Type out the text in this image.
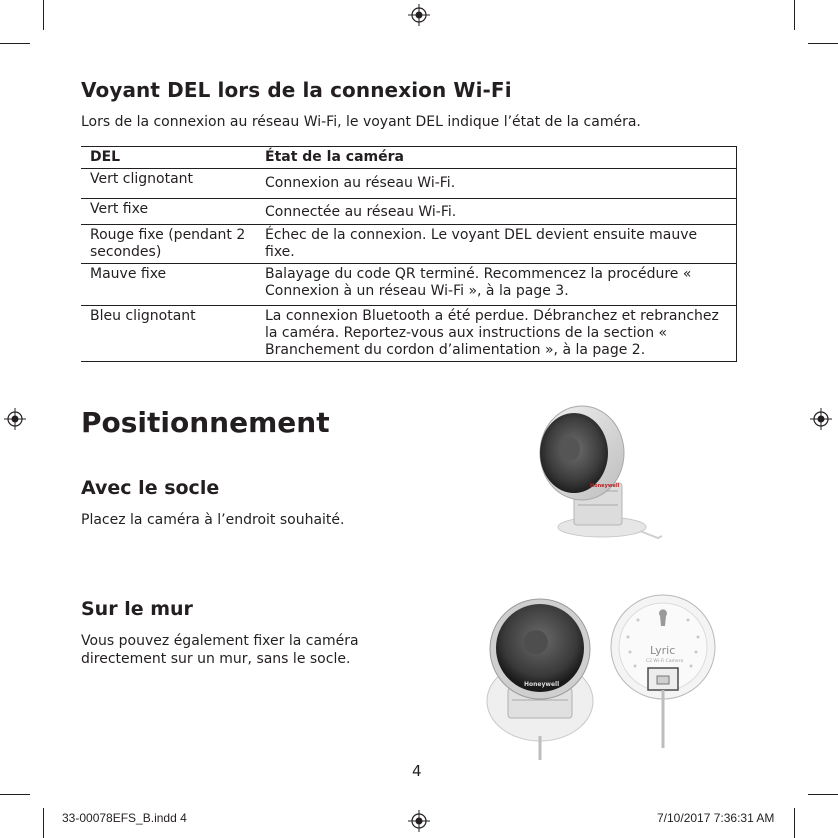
Voyant DEL lors de la connexion Wi-Fi

Lors de la connexion au réseau Wi-Fi, le voyant DEL indique l’état de la caméra.

DEL	État de la caméra
Vert clignotant	Connexion au réseau Wi-Fi.
Vert fixe	Connectée au réseau Wi-Fi.
Rouge fixe (pendant 2 secondes)	Échec de la connexion. Le voyant DEL devient ensuite mauve fixe.
Mauve fixe	Balayage du code QR terminé. Recommencez la procédure « Connexion à un réseau Wi-Fi », à la page 3.
Bleu clignotant	La connexion Bluetooth a été perdue. Débranchez et rebranchez la caméra. Reportez-vous aux instructions de la section « Branchement du cordon d’alimentation », à la page 2.
Positionnement
Avec le socle

Placez la caméra à l’endroit souhaité.

Sur le mur

Vous pouvez également fixer la caméra directement sur un mur, sans le socle.

Honeywell
Honeywell
Lyric
C2 Wi-Fi Camera
4
33-00078EFS_B.indd 4	7/10/2017 7:36:31 AM
